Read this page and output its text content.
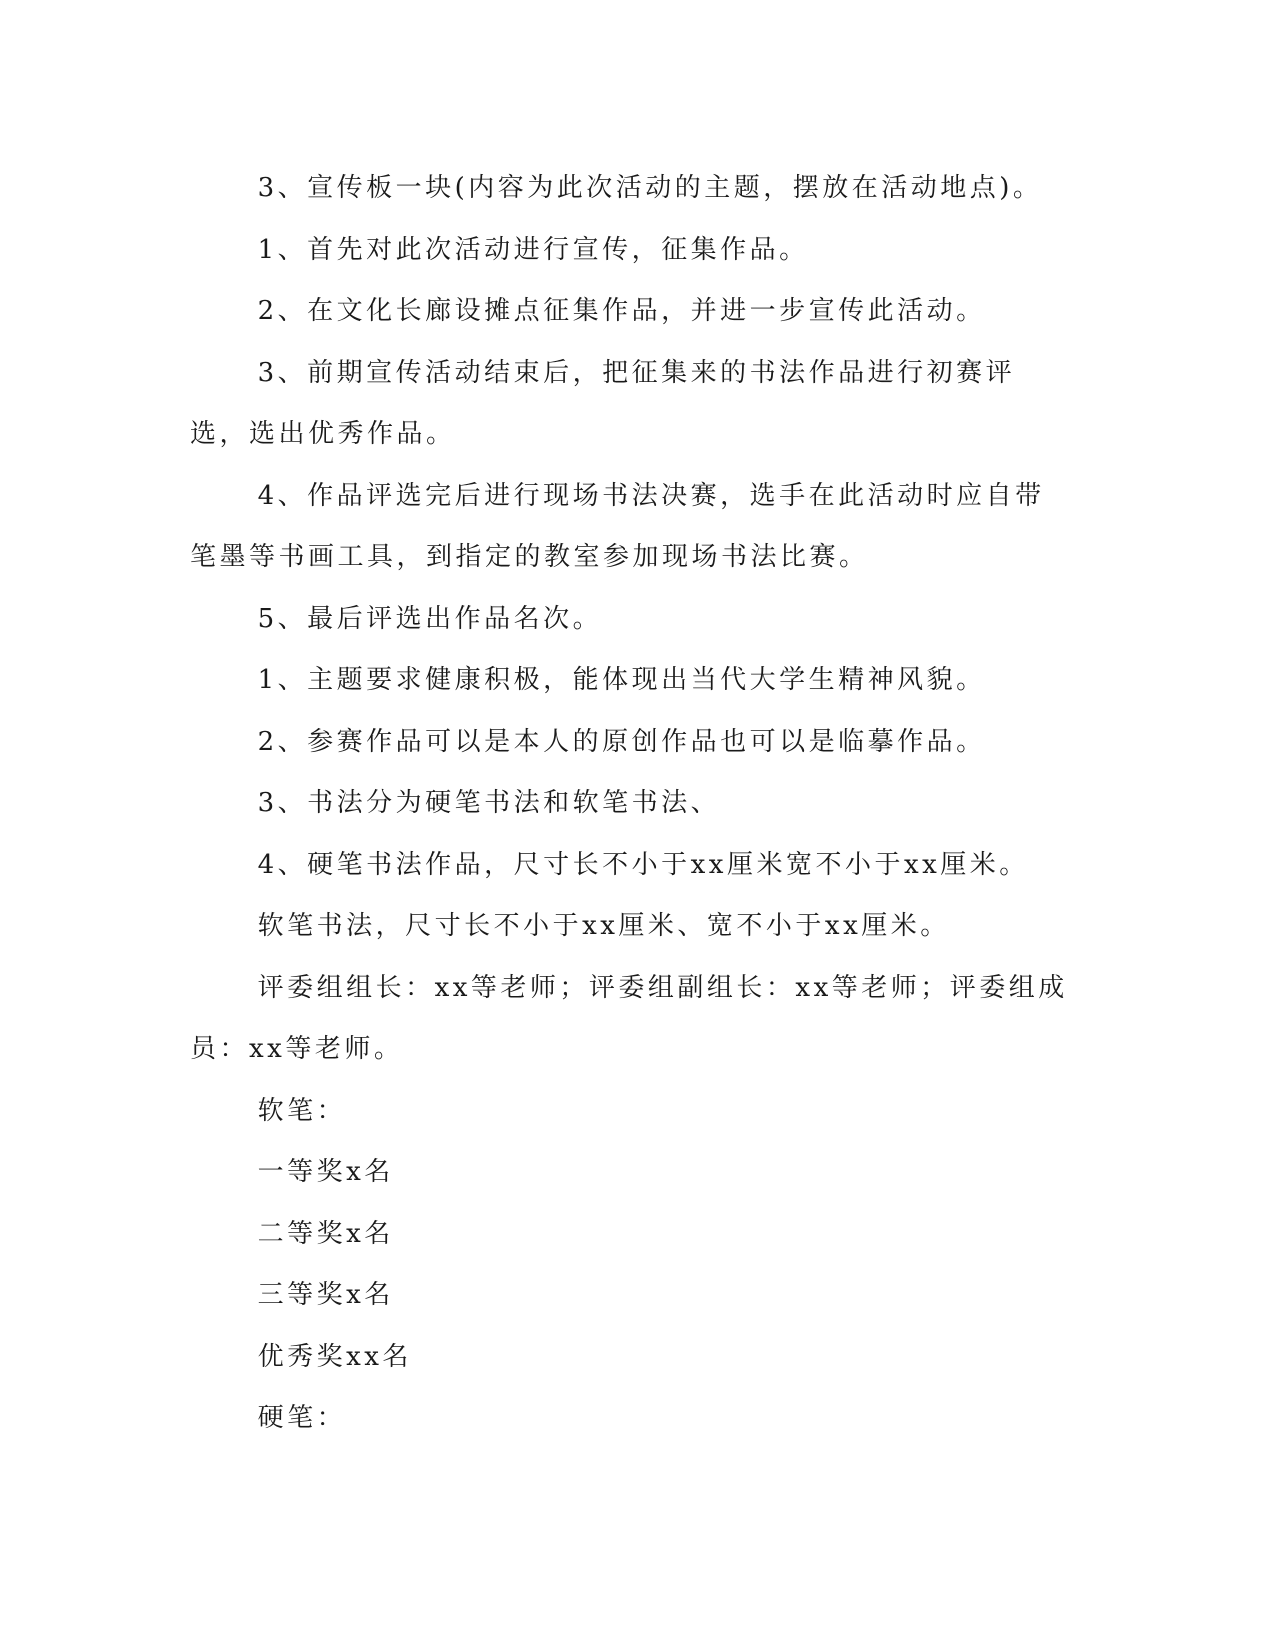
3、宣传板一块(内容为此次活动的主题，摆放在活动地点)。

1、首先对此次活动进行宣传，征集作品。

2、在文化长廊设摊点征集作品，并进一步宣传此活动。

3、前期宣传活动结束后，把征集来的书法作品进行初赛评选，选出优秀作品。

4、作品评选完后进行现场书法决赛，选手在此活动时应自带笔墨等书画工具，到指定的教室参加现场书法比赛。

5、最后评选出作品名次。

1、主题要求健康积极，能体现出当代大学生精神风貌。

2、参赛作品可以是本人的原创作品也可以是临摹作品。

3、书法分为硬笔书法和软笔书法、

4、硬笔书法作品，尺寸长不小于xx厘米宽不小于xx厘米。

软笔书法，尺寸长不小于xx厘米、宽不小于xx厘米。

评委组组长：xx等老师；评委组副组长：xx等老师；评委组成员：xx等老师。

软笔：

一等奖x名

二等奖x名

三等奖x名

优秀奖xx名

硬笔：
